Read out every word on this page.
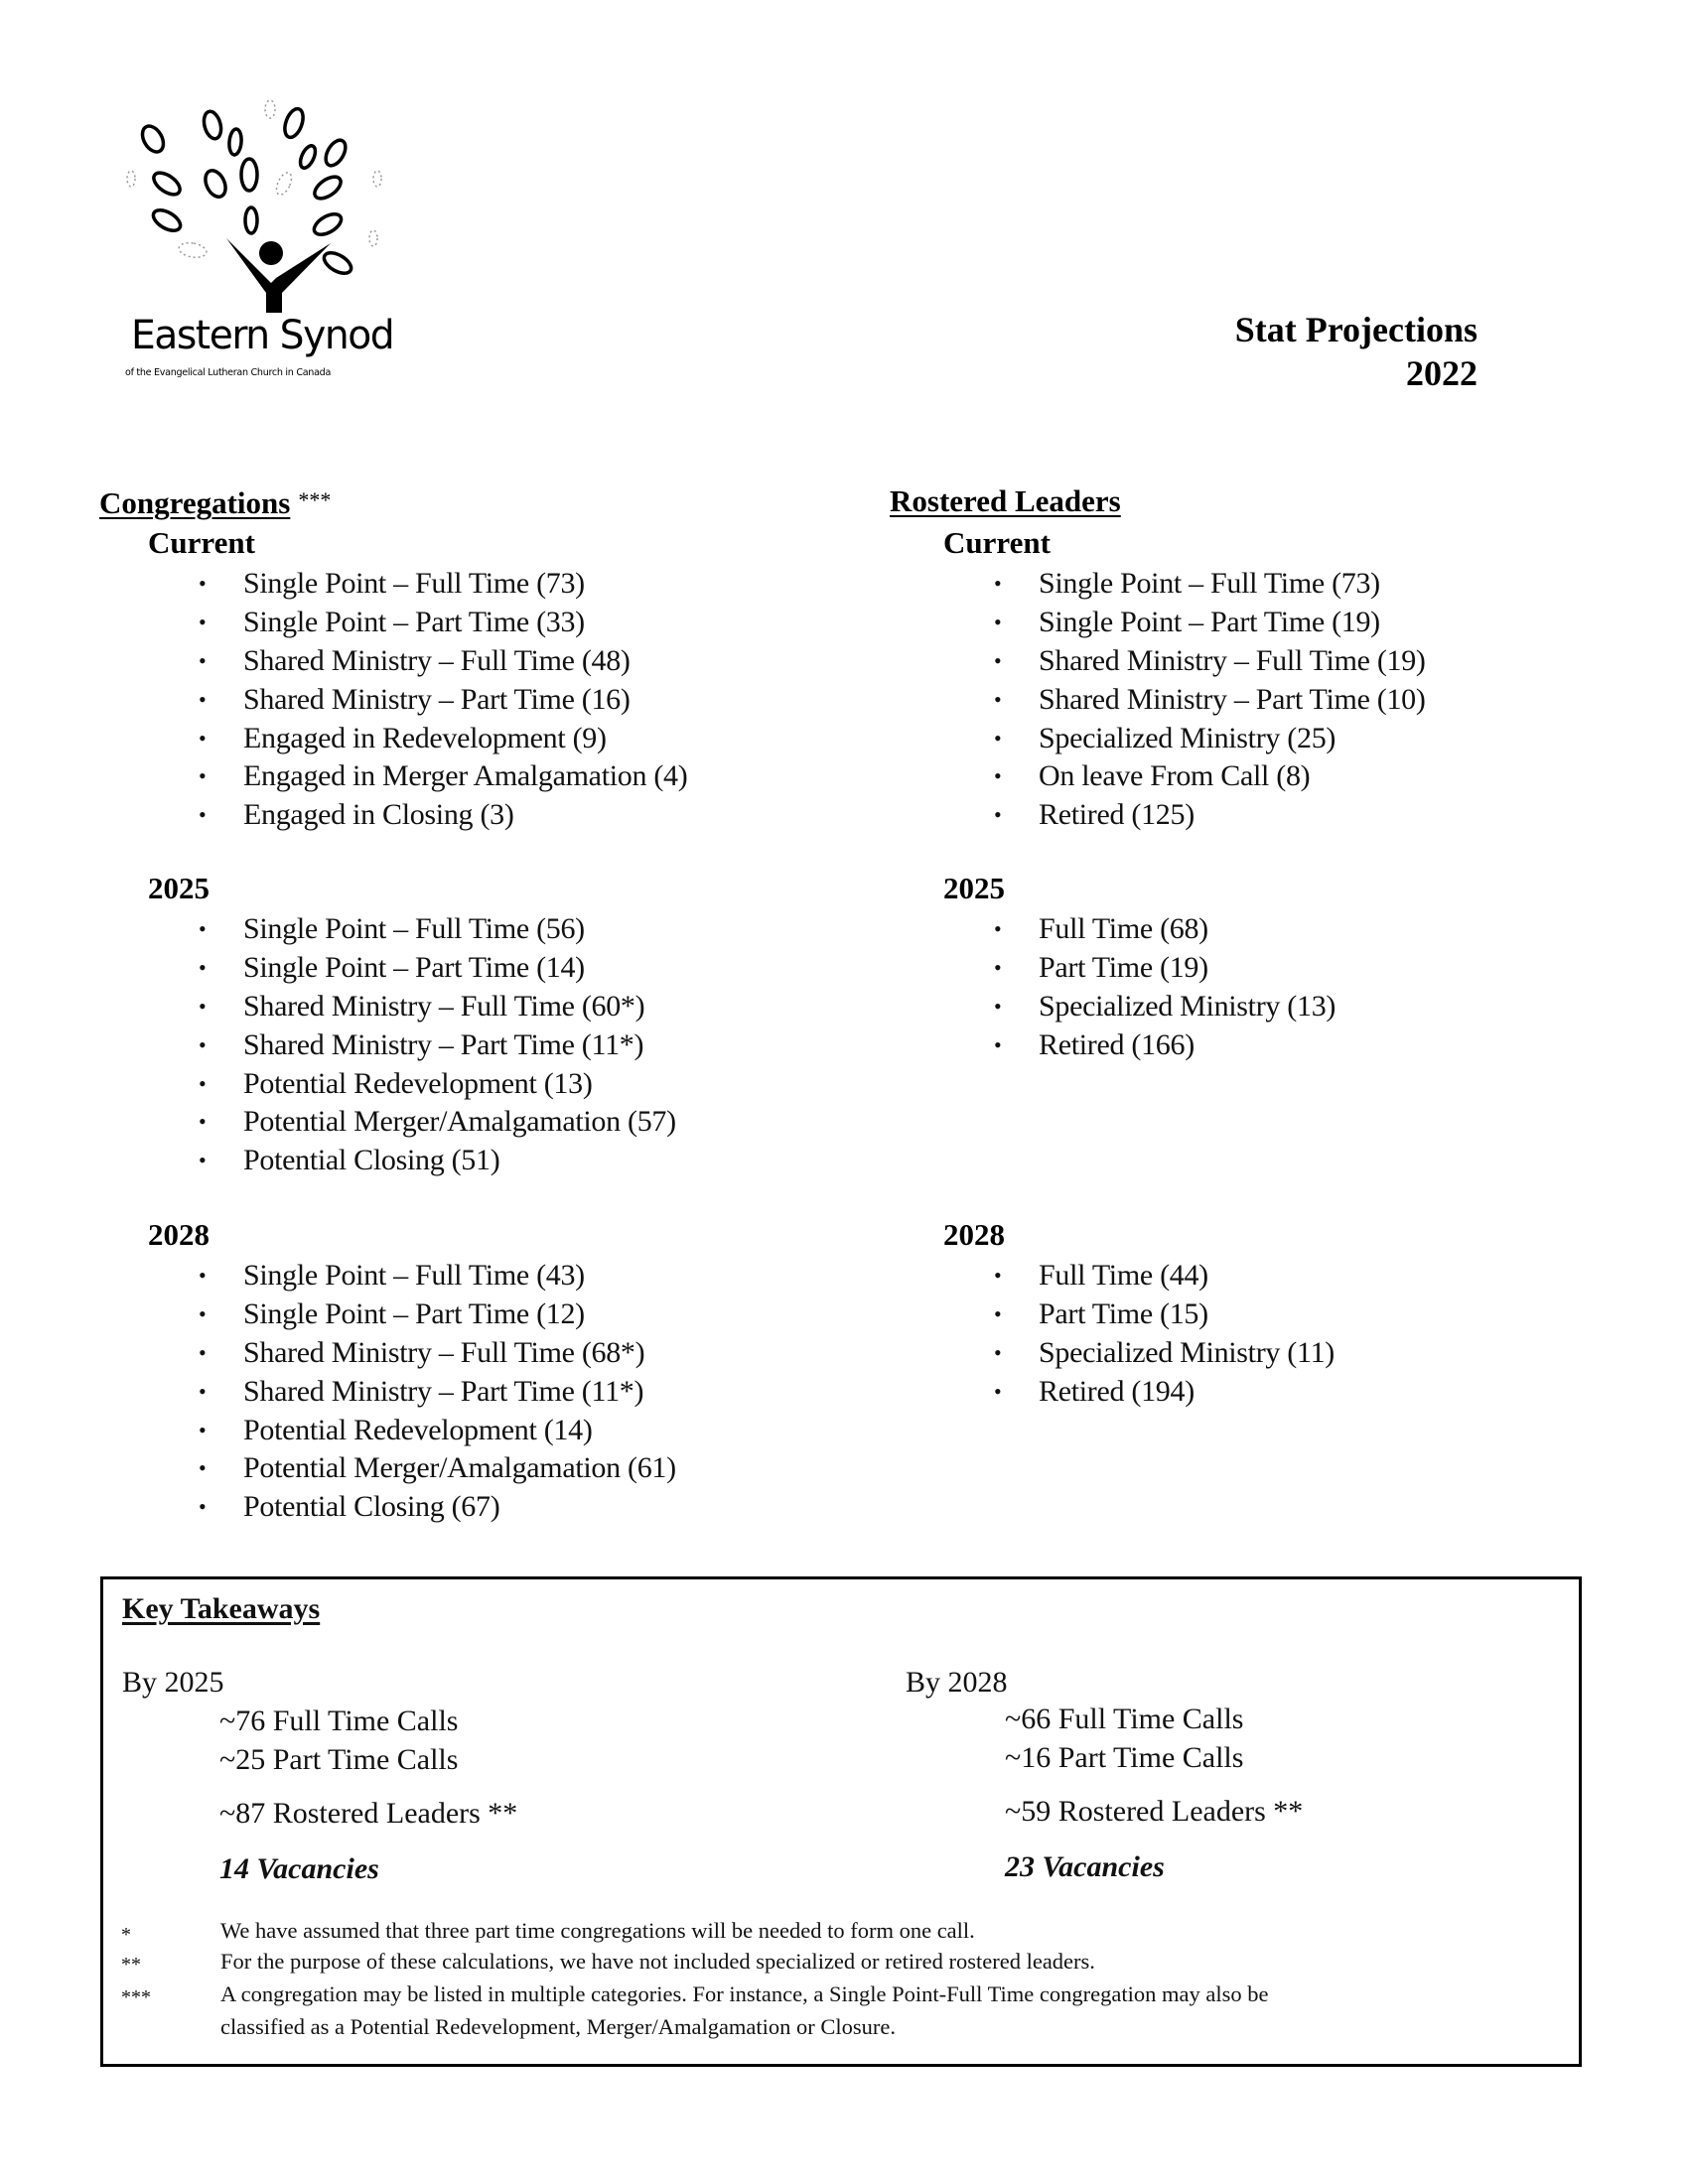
Eastern Synod
of the Evangelical Lutheran Church in Canada
Stat Projections
2022
Congregations ***
Current
• Single Point – Full Time (73)
• Single Point – Part Time (33)
• Shared Ministry – Full Time (48)
• Shared Ministry – Part Time (16)
• Engaged in Redevelopment (9)
• Engaged in Merger Amalgamation (4)
• Engaged in Closing (3)
2025
• Single Point – Full Time (56)
• Single Point – Part Time (14)
• Shared Ministry – Full Time (60*)
• Shared Ministry – Part Time (11*)
• Potential Redevelopment (13)
• Potential Merger/Amalgamation (57)
• Potential Closing (51)
2028
• Single Point – Full Time (43)
• Single Point – Part Time (12)
• Shared Ministry – Full Time (68*)
• Shared Ministry – Part Time (11*)
• Potential Redevelopment (14)
• Potential Merger/Amalgamation (61)
• Potential Closing (67)
Rostered Leaders
Current
• Single Point – Full Time (73)
• Single Point – Part Time (19)
• Shared Ministry – Full Time (19)
• Shared Ministry – Part Time (10)
• Specialized Ministry (25)
• On leave From Call (8)
• Retired (125)
2025
• Full Time (68)
• Part Time (19)
• Specialized Ministry (13)
• Retired (166)
2028
• Full Time (44)
• Part Time (15)
• Specialized Ministry (11)
• Retired (194)
Key Takeaways
By 2025
~76 Full Time Calls
~25 Part Time Calls
~87 Rostered Leaders **
14 Vacancies
By 2028
~66 Full Time Calls
~16 Part Time Calls
~59 Rostered Leaders **
23 Vacancies
*	We have assumed that three part time congregations will be needed to form one call.
**	For the purpose of these calculations, we have not included specialized or retired rostered leaders.
***	A congregation may be listed in multiple categories. For instance, a Single Point-Full Time congregation may also be
classified as a Potential Redevelopment, Merger/Amalgamation or Closure.
